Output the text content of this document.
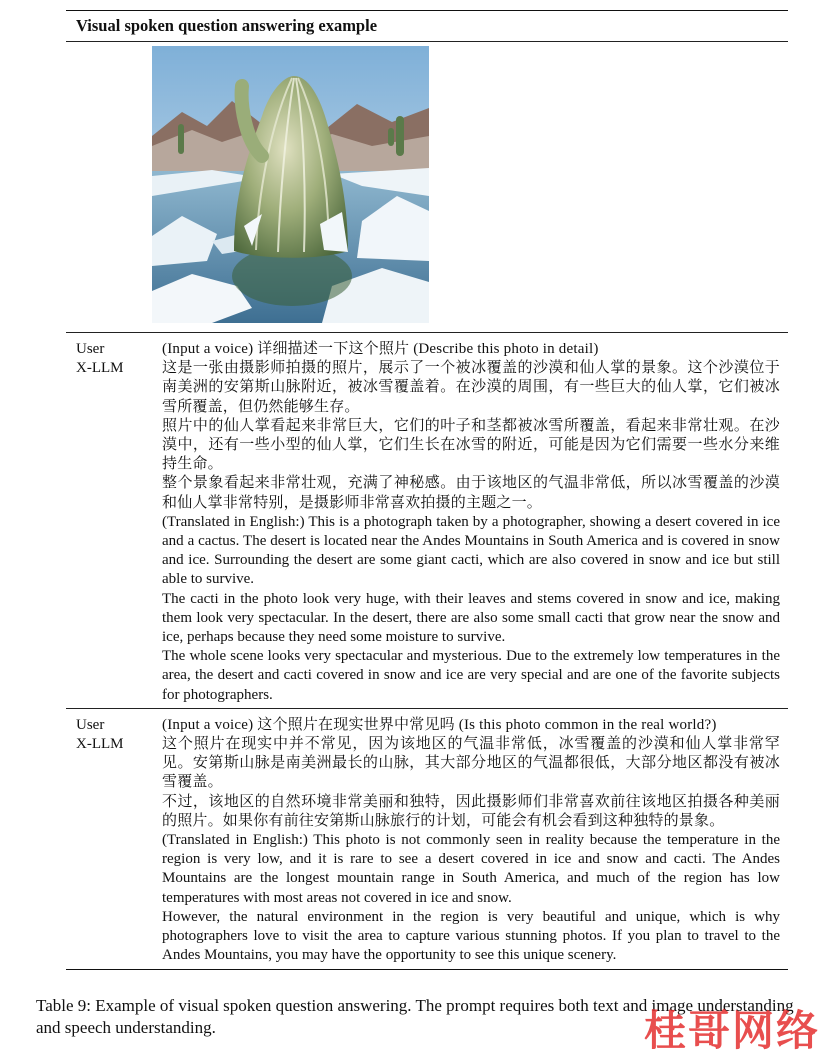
Visual spoken question answering example
User
X-LLM

(Input a voice) 详细描述一下这个照片 (Describe this photo in detail)

这是一张由摄影师拍摄的照片，展示了一个被冰覆盖的沙漠和仙人掌的景象。这个沙漠位于南美洲的安第斯山脉附近，被冰雪覆盖着。在沙漠的周围，有一些巨大的仙人掌，它们被冰雪所覆盖，但仍然能够生存。

照片中的仙人掌看起来非常巨大，它们的叶子和茎都被冰雪所覆盖，看起来非常壮观。在沙漠中，还有一些小型的仙人掌，它们生长在冰雪的附近，可能是因为它们需要一些水分来维持生命。

整个景象看起来非常壮观，充满了神秘感。由于该地区的气温非常低，所以冰雪覆盖的沙漠和仙人掌非常特别，是摄影师非常喜欢拍摄的主题之一。

(Translated in English:) This is a photograph taken by a photographer, showing a desert covered in ice and a cactus. The desert is located near the Andes Mountains in South America and is covered in snow and ice. Surrounding the desert are some giant cacti, which are also covered in snow and ice but still able to survive.

The cacti in the photo look very huge, with their leaves and stems covered in snow and ice, making them look very spectacular. In the desert, there are also some small cacti that grow near the snow and ice, perhaps because they need some moisture to survive.

The whole scene looks very spectacular and mysterious. Due to the extremely low temperatures in the area, the desert and cacti covered in snow and ice are very special and are one of the favorite subjects for photographers.

User
X-LLM

(Input a voice) 这个照片在现实世界中常见吗 (Is this photo common in the real world?)

这个照片在现实中并不常见，因为该地区的气温非常低，冰雪覆盖的沙漠和仙人掌非常罕见。安第斯山脉是南美洲最长的山脉，其大部分地区的气温都很低，大部分地区都没有被冰雪覆盖。

不过，该地区的自然环境非常美丽和独特，因此摄影师们非常喜欢前往该地区拍摄各种美丽的照片。如果你有前往安第斯山脉旅行的计划，可能会有机会看到这种独特的景象。

(Translated in English:) This photo is not commonly seen in reality because the temperature in the region is very low, and it is rare to see a desert covered in ice and snow and cacti. The Andes Mountains are the longest mountain range in South America, and much of the region has low temperatures with most areas not covered in ice and snow.

However, the natural environment in the region is very beautiful and unique, which is why photographers love to visit the area to capture various stunning photos. If you plan to travel to the Andes Mountains, you may have the opportunity to see this unique scenery.

Table 9: Example of visual spoken question answering. The prompt requires both text and image understanding and speech understanding.	桂哥网络
